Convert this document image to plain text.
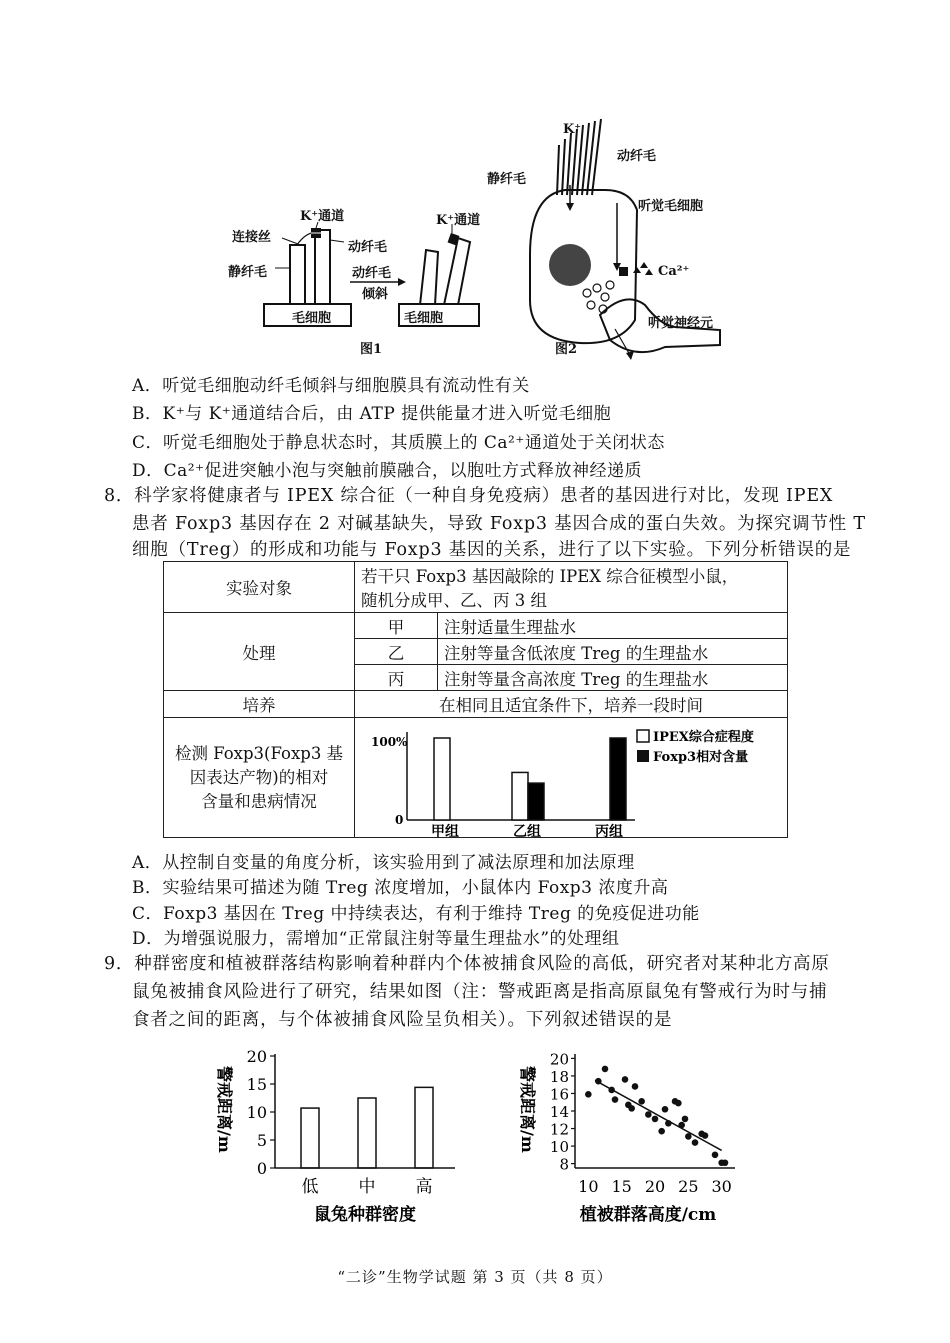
连接丝
K⁺通道	K⁺通道
动纤毛
静纤毛	动纤毛
倾斜
毛细胞	毛细胞
图1
K⁺
动纤毛
静纤毛
听觉毛细胞
Ca²⁺
听觉神经元
图2
A．听觉毛细胞动纤毛倾斜与细胞膜具有流动性有关
B．K⁺与 K⁺通道结合后，由 ATP 提供能量才进入听觉毛细胞
C．听觉毛细胞处于静息状态时，其质膜上的 Ca²⁺通道处于关闭状态
D．Ca²⁺促进突触小泡与突触前膜融合，以胞吐方式释放神经递质
8．科学家将健康者与 IPEX 综合征（一种自身免疫病）患者的基因进行对比，发现 IPEX
患者 Foxp3 基因存在 2 对碱基缺失，导致 Foxp3 基因合成的蛋白失效。为探究调节性 T
细胞（Treg）的形成和功能与 Foxp3 基因的关系，进行了以下实验。下列分析错误的是
实验对象	若干只 Foxp3 基因敲除的 IPEX 综合征模型小鼠，
随机分成甲、乙、丙 3 组	

处理	甲	注射适量生理盐水
	乙	注射等量含低浓度 Treg 的生理盐水
	丙	注射等量含高浓度 Treg 的生理盐水
培养	在相同且适宜条件下，培养一段时间	

检测 Foxp3(Foxp3 基
因表达产物)的相对
含量和患病情况		

100%
0
甲组	乙组	丙组
IPEX综合症程度
Foxp3相对含量
A．从控制自变量的角度分析，该实验用到了减法原理和加法原理
B．实验结果可描述为随 Treg 浓度增加，小鼠体内 Foxp3 浓度升高
C．Foxp3 基因在 Treg 中持续表达，有利于维持 Treg 的免疫促进功能
D．为增强说服力，需增加“正常鼠注射等量生理盐水”的处理组
9．种群密度和植被群落结构影响着种群内个体被捕食风险的高低，研究者对某种北方高原
鼠兔被捕食风险进行了研究，结果如图（注：警戒距离是指高原鼠兔有警戒行为时与捕
食者之间的距离，与个体被捕食风险呈负相关）。下列叙述错误的是
0
5
10
15
20
低 中 高
鼠兔种群密度
警戒距离/m
8
10
12
14
16
18
20
10 15 20 25 30
植被群落高度/cm
警戒距离/m
“二诊”生物学试题 第 3 页（共 8 页）
